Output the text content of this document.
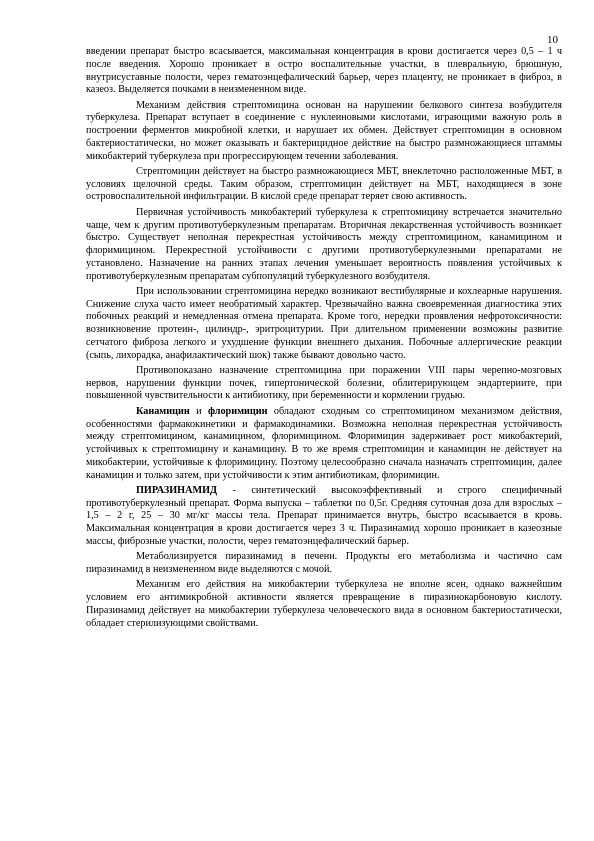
10

введении препарат быстро всасывается, максимальная концентрация в крови достигается через 0,5 – 1 ч после введения. Хорошо проникает в остро воспалительные участки, в плевральную, брюшную, внутрисуставные полости, через гематоэнцефалический барьер, через плаценту, не проникает в фиброз, в казеоз. Выделяется почками в неизмененном виде.

Механизм действия стрептомицина основан на нарушении белкового синтеза возбудителя туберкулеза. Препарат вступает в соединение с нуклеиновыми кислотами, играющими важную роль в построении ферментов микробной клетки, и нарушает их обмен. Действует стрептомицин в основном бактериостатически, но может оказывать и бактерицидное действие на быстро размножающиеся штаммы микобактерий туберкулеза при прогрессирующем течении заболевания.

Стрептомицин действует на быстро размножающиеся МБТ, внеклеточно расположенные МБТ, в условиях щелочной среды. Таким образом, стрептомицин действует на МБТ, находящиеся в зоне островоспалительной инфильтрации. В кислой среде препарат теряет свою активность.

Первичная устойчивость микобактерий туберкулеза к стрептомицину встречается значительно чаще, чем к другим противотуберкулезным препаратам. Вторичная лекарственная устойчивость возникает быстро. Существует неполная перекрестная устойчивость между стрептомицином, канамицином и флоримицином. Перекрестной устойчивости с другими противотуберкулезными препаратами не установлено. Назначение на ранних этапах лечения уменьшает вероятность появления устойчивых к противотуберкулезным препаратам субпопуляций туберкулезного возбудителя.

При использовании стрептомицина нередко возникают вестибулярные и кохлеарные нарушения. Снижение слуха часто имеет необратимый характер. Чрезвычайно важна своевременная диагностика этих побочных реакций и немедленная отмена препарата. Кроме того, нередки проявления нефротоксичности: возникновение протеин-, цилиндр-, эритроцитурии. При длительном применении возможны развитие сетчатого фиброза легкого и ухудшение функции внешнего дыхания. Побочные аллергические реакции (сыпь, лихорадка, анафилактический шок) также бывают довольно часто.

Противопоказано назначение стрептомицина при поражении VIII пары черепно-мозговых нервов, нарушении функции почек, гипертонической болезни, облитерирующем эндартериите, при повышенной чувствительности к антибиотику, при беременности и кормлении грудью.

Канамицин и флоримицин обладают сходным со стрептомицином механизмом действия, особенностями фармакокинетики и фармакодинамики. Возможна неполная перекрестная устойчивость между стрептомицином, канамицином, флоримицином. Флоримицин задерживает рост микобактерий, устойчивых к стрептомицину и канамицину. В то же время стрептомицин и канамицин не действует на микобактерии, устойчивые к флоримицину. Поэтому целесообразно сначала назначать стрептомицин, далее канамицин и только затем, при устойчивости к этим антибиотикам, флоримицин.

ПИРАЗИНАМИД - синтетический высокоэффективный и строго специфичный противотуберкулезный препарат. Форма выпуска – таблетки по 0,5г. Средняя суточная доза для взрослых – 1,5 – 2 г, 25 – 30 мг/кг массы тела. Препарат принимается внутрь, быстро всасывается в кровь. Максимальная концентрация в крови достигается через 3 ч. Пиразинамид хорошо проникает в казеозные массы, фиброзные участки, полости, через гематоэнцефалический барьер.

Метаболизируется пиразинамид в печени. Продукты его метаболизма и частично сам пиразинамид в неизмененном виде выделяются с мочой.

Механизм его действия на микобактерии туберкулеза не вполне ясен, однако важнейшим условием его антимикробной активности является превращение в пиразинокарбоновую кислоту. Пиразинамид действует на микобактерии туберкулеза человеческого вида в основном бактериостатически, обладает стерилизующими свойствами.
